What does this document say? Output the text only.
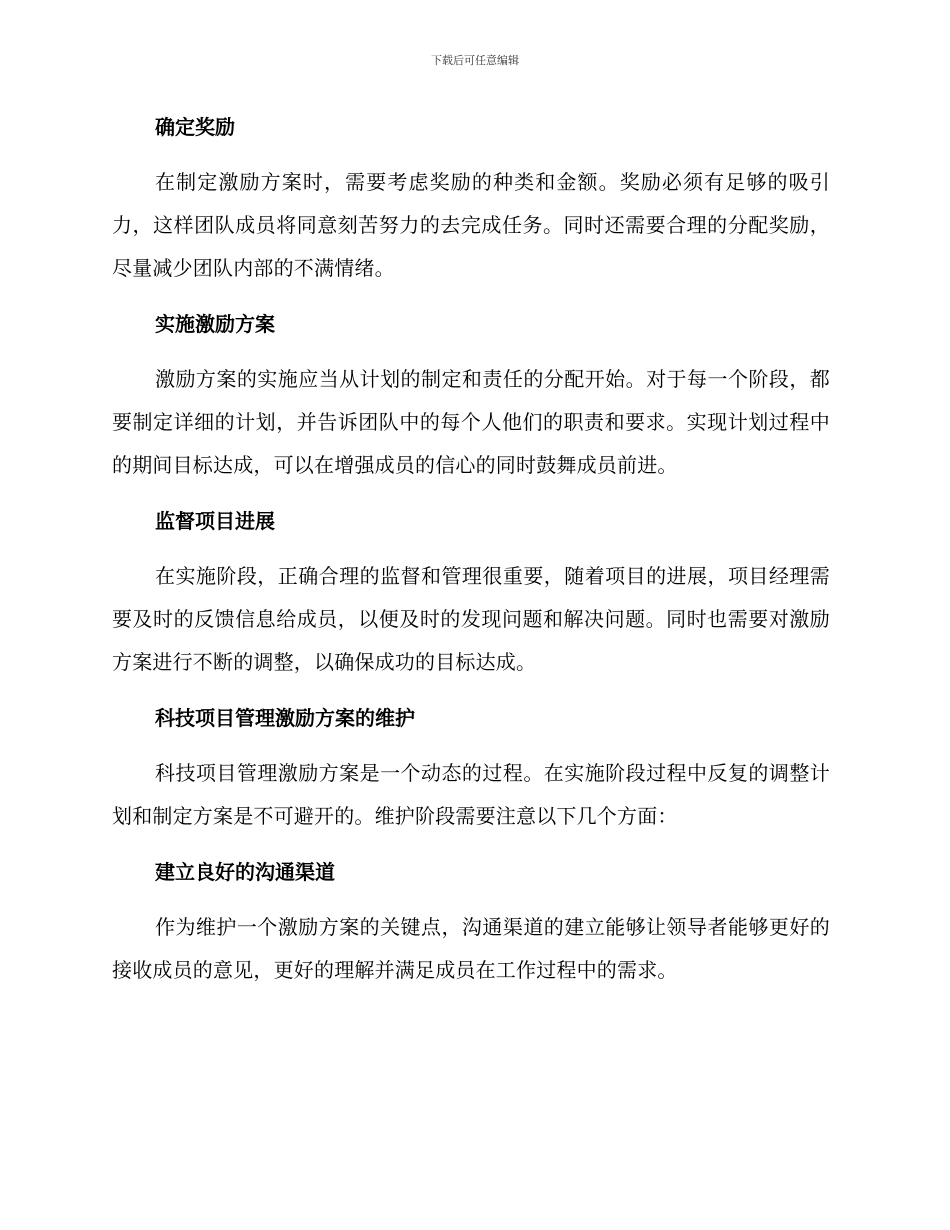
下载后可任意编辑
确定奖励

在制定激励方案时，需要考虑奖励的种类和金额。奖励必须有足够的吸引力，这样团队成员将同意刻苦努力的去完成任务。同时还需要合理的分配奖励，尽量减少团队内部的不满情绪。

实施激励方案

激励方案的实施应当从计划的制定和责任的分配开始。对于每一个阶段，都要制定详细的计划，并告诉团队中的每个人他们的职责和要求。实现计划过程中的期间目标达成，可以在增强成员的信心的同时鼓舞成员前进。

监督项目进展

在实施阶段，正确合理的监督和管理很重要，随着项目的进展，项目经理需要及时的反馈信息给成员，以便及时的发现问题和解决问题。同时也需要对激励方案进行不断的调整，以确保成功的目标达成。

科技项目管理激励方案的维护

科技项目管理激励方案是一个动态的过程。在实施阶段过程中反复的调整计划和制定方案是不可避开的。维护阶段需要注意以下几个方面：

建立良好的沟通渠道

作为维护一个激励方案的关键点，沟通渠道的建立能够让领导者能够更好的接收成员的意见，更好的理解并满足成员在工作过程中的需求。
